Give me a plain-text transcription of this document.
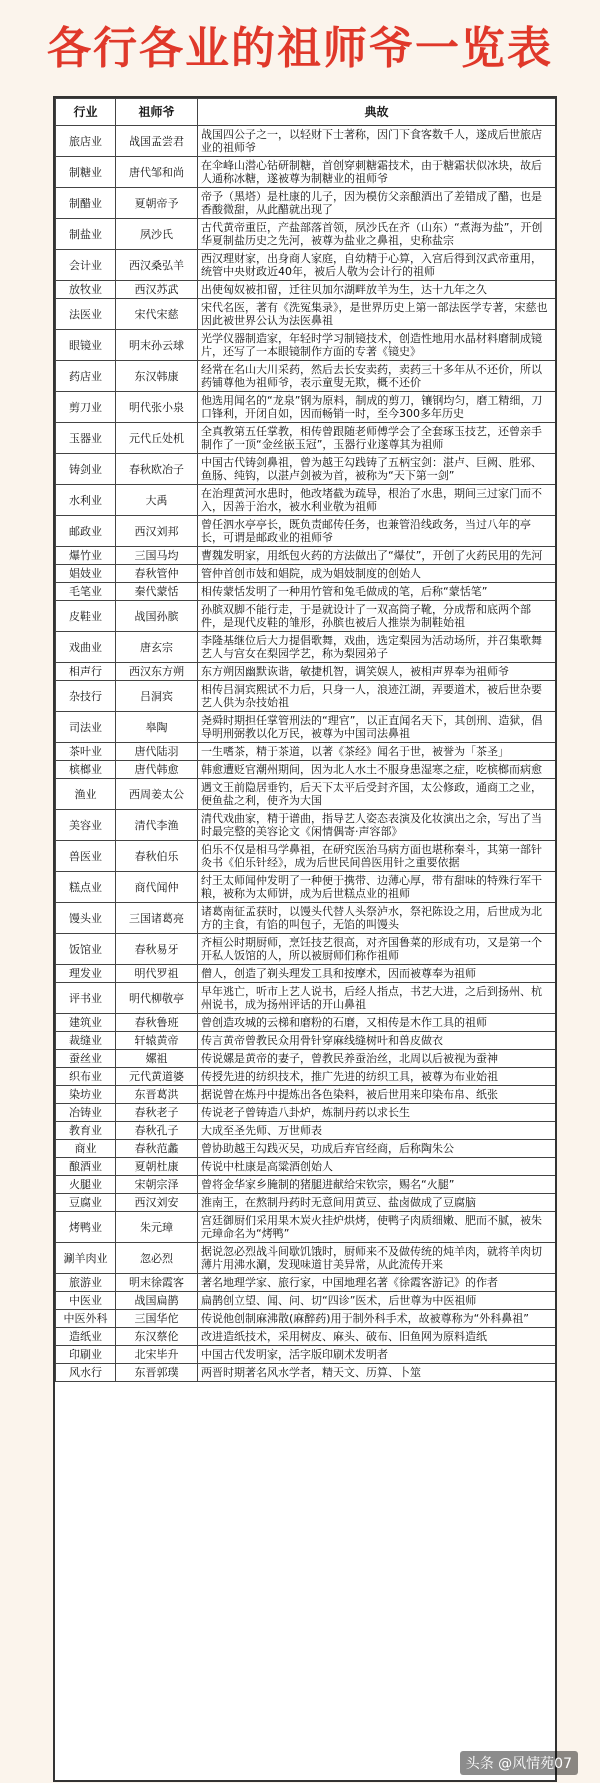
各行各业的祖师爷一览表
行业	祖师爷	典故
旅店业	战国孟尝君	战国四公子之一，以轻财下士著称，因门下食客数千人，遂成后世旅店业的祖师爷
制糖业	唐代邹和尚	在伞峰山潜心钻研制糖，首创穿刺糖霜技术，由于糖霜状似冰块，故后人通称冰糖，遂被尊为制糖业的祖师爷
制醋业	夏朝帝予	帝予（黑塔）是杜康的儿子，因为模仿父亲酿酒出了差错成了醋，也是香酸微甜，从此醋就出现了
制盐业	夙沙氏	古代黄帝重臣，产盐部落首领，夙沙氏在齐（山东）“煮海为盐”，开创华夏制盐历史之先河，被尊为盐业之鼻祖，史称盐宗
会计业	西汉桑弘羊	西汉理财家，出身商人家庭，自幼精于心算，入宫后得到汉武帝重用，统管中央财政近40年，被后人敬为会计行的祖师
放牧业	西汉苏武	出使匈奴被扣留，迁往贝加尔湖畔放羊为生，达十九年之久
法医业	宋代宋慈	宋代名医，著有《洗冤集录》，是世界历史上第一部法医学专著，宋慈也因此被世界公认为法医鼻祖
眼镜业	明末孙云球	光学仪器制造家，年轻时学习制镜技术，创造性地用水晶材料磨制成镜片，还写了一本眼镜制作方面的专著《镜史》
药店业	东汉韩康	经常在名山大川采药，然后去长安卖药，卖药三十多年从不还价，所以药铺尊他为祖师爷，表示童叟无欺，概不还价
剪刀业	明代张小泉	他选用闻名的“龙泉”钢为原料，制成的剪刀，镶钢均匀，磨工精细，刀口锋利，开闭自如，因而畅销一时，至今300多年历史
玉器业	元代丘处机	全真教第五任掌教，相传曾跟随老师傅学会了全套琢玉技艺，还曾亲手制作了一顶“金丝嵌玉冠”，玉器行业遂尊其为祖师
铸剑业	春秋欧冶子	中国古代铸剑鼻祖，曾为越王勾践铸了五柄宝剑：湛卢、巨阙、胜邪、鱼肠、纯钩，以湛卢剑被为首，被称为“天下第一剑”
水利业	大禹	在治理黄河水患时，他改堵截为疏导，根治了水患，期间三过家门而不入，因善于治水，被水利业敬为祖师
邮政业	西汉刘邦	曾任泗水亭亭长，既负责邮传任务，也兼管沿线政务，当过八年的亭长，可谓是邮政业的祖师爷
爆竹业	三国马均	曹魏发明家，用纸包火药的方法做出了“爆仗”，开创了火药民用的先河
娼妓业	春秋管仲	管仲首创市妓和娼院，成为娼妓制度的创始人
毛笔业	秦代蒙恬	相传蒙恬发明了一种用竹管和兔毛做成的笔，后称“蒙恬笔”
皮鞋业	战国孙膑	孙膑双脚不能行走，于是就设计了一双高筒子靴，分成帮和底两个部件，是现代皮鞋的雏形，孙膑也被后人推崇为制鞋始祖
戏曲业	唐玄宗	李隆基继位后大力提倡歌舞，戏曲，选定梨园为活动场所，并召集歌舞艺人与宫女在梨园学艺，称为梨园弟子
相声行	西汉东方朔	东方朔因幽默诙谐，敏捷机智，调笑娱人，被相声界奉为祖师爷
杂技行	吕洞宾	相传吕洞宾熙试不力后，只身一人，浪迹江湖，弄要道术，被后世杂要艺人供为杂技始祖
司法业	皋陶	尧舜时期担任掌管刑法的“理官”，以正直闻名天下，其创刑、造狱，倡导明刑弼教以化万民，被尊为中国司法鼻祖
茶叶业	唐代陆羽	一生嗜茶，精于茶道，以著《茶经》闻名于世，被誉为「茶圣」
槟榔业	唐代韩愈	韩愈遭贬官潮州期间，因为北人水土不服身患湿寒之症，吃槟榔而病愈
渔业	西周姜太公	遇文王前隐居垂钓，后天下太平后受封齐国，太公修政，通商工之业，便鱼盐之利，使齐为大国
美容业	清代李渔	清代戏曲家，精于谱曲，指导艺人姿态表演及化妆演出之余，写出了当时最完整的美容论文《闲情偶寄·声容部》
兽医业	春秋伯乐	伯乐不仅是相马学鼻祖，在研究医治马病方面也堪称秦斗，其第一部针灸书《伯乐针经》，成为后世民间兽医用针之重要依据
糕点业	商代闻仲	纣王太师闻仲发明了一种便于携带、边薄心厚，带有甜味的特殊行军干粮，被称为太师饼，成为后世糕点业的祖师
馒头业	三国诸葛亮	诸葛南征孟获时，以馒头代替人头祭泸水，祭祀陈设之用，后世成为北方的主食，有馅的叫包子，无馅的叫馒头
饭馆业	春秋易牙	齐桓公时期厨师，烹饪技艺很高，对齐国鲁菜的形成有功，又是第一个开私人饭馆的人，所以被厨师们称作祖师
理发业	明代罗祖	僧人，创造了剃头理发工具和按摩术，因而被尊奉为祖师
评书业	明代柳敬亭	早年逃亡，听市上艺人说书，后经人指点，书艺大进，之后到扬州、杭州说书，成为扬州评话的开山鼻祖
建筑业	春秋鲁班	曾创造攻城的云梯和磨粉的石磨，又相传是木作工具的祖师
裁缝业	轩辕黄帝	传言黄帝曾教民众用骨针穿麻线缝树叶和兽皮做衣
蚕丝业	嫘祖	传说嫘是黄帝的妻子，曾教民养蚕治丝，北周以后被视为蚕神
织布业	元代黄道婆	传授先进的纺织技术，推广先进的纺织工具，被尊为布业始祖
染坊业	东晋葛洪	据说曾在炼丹中提炼出各色染料，被后世用来印染布帛、纸张
冶铸业	春秋老子	传说老子曾铸造八卦炉，炼制丹药以求长生
教育业	春秋孔子	大成至圣先师、万世师表
商业	春秋范蠡	曾协助越王勾践灭吴，功成后弃官经商，后称陶朱公
酿酒业	夏朝杜康	传说中杜康是高粱酒创始人
火腿业	宋朝宗泽	曾将金华家乡腌制的猪腿进献给宋钦宗，赐名“火腿”
豆腐业	西汉刘安	淮南王，在熬制丹药时无意间用黄豆、盐卤做成了豆腐脑
烤鸭业	朱元璋	宫廷御厨们采用果木炭火挂炉烘烤，使鸭子肉质细嫩、肥而不腻，被朱元璋命名为“烤鸭”
涮羊肉业	忽必烈	据说忽必烈战斗间歇饥饿时，厨师来不及做传统的炖羊肉，就将羊肉切薄片用沸水涮，发现味道甘美异常，从此流传开来
旅游业	明末徐霞客	著名地理学家、旅行家，中国地理名著《徐霞客游记》的作者
中医业	战国扁鹊	扁鹊创立望、闻、问、切“四诊”医术，后世尊为中医祖师
中医外科	三国华佗	传说他创制麻沸散(麻醉药)用于制外科手术，故被尊称为“外科鼻祖”
造纸业	东汉蔡伦	改进造纸技术，采用树皮、麻头、破布、旧鱼网为原料造纸
印刷业	北宋毕升	中国古代发明家，活字版印刷术发明者
风水行	东晋郭璞	两晋时期著名风水学者，精天文、历算、卜筮
头条 @风情苑07
